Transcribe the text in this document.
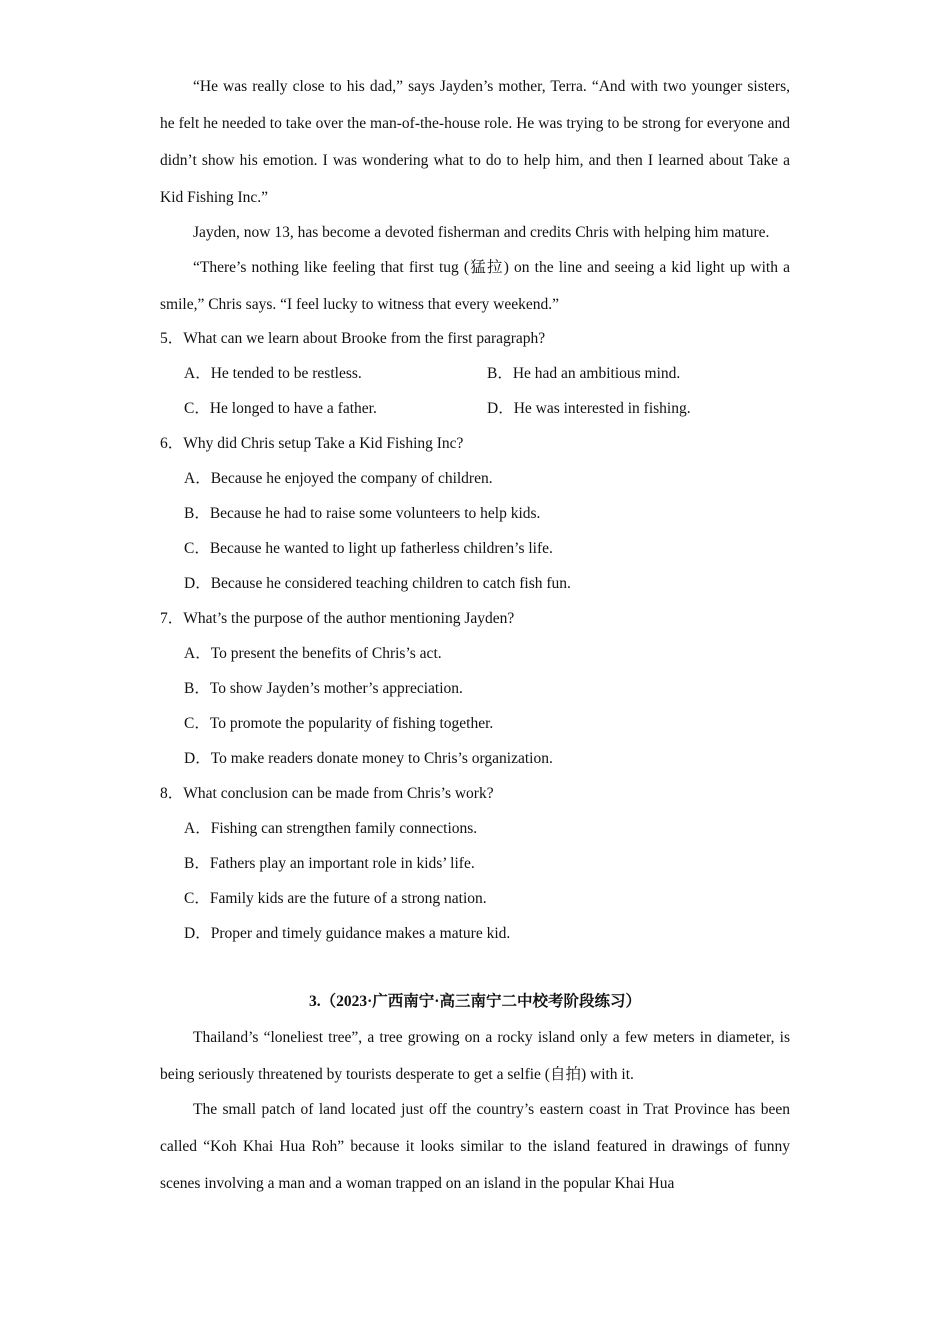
“He was really close to his dad,” says Jayden’s mother, Terra. “And with two younger sisters, he felt he needed to take over the man-of-the-house role. He was trying to be strong for everyone and didn’t show his emotion. I was wondering what to do to help him, and then I learned about Take a Kid Fishing Inc.”

Jayden, now 13, has become a devoted fisherman and credits Chris with helping him mature.

“There’s nothing like feeling that first tug (猛拉) on the line and seeing a kid light up with a smile,” Chris says. “I feel lucky to witness that every weekend.”

5．What can we learn about Brooke from the first paragraph?

A．He tended to be restless.	B．He had an ambitious mind.
C．He longed to have a father.	D．He was interested in fishing.

6．Why did Chris setup Take a Kid Fishing Inc?

A．Because he enjoyed the company of children.

B．Because he had to raise some volunteers to help kids.

C．Because he wanted to light up fatherless children’s life.

D．Because he considered teaching children to catch fish fun.

7．What’s the purpose of the author mentioning Jayden?

A．To present the benefits of Chris’s act.

B．To show Jayden’s mother’s appreciation.

C．To promote the popularity of fishing together.

D．To make readers donate money to Chris’s organization.

8．What conclusion can be made from Chris’s work?

A．Fishing can strengthen family connections.

B．Fathers play an important role in kids’ life.

C．Family kids are the future of a strong nation.

D．Proper and timely guidance makes a mature kid.

3.（2023·广西南宁·高三南宁二中校考阶段练习）

Thailand’s “loneliest tree”, a tree growing on a rocky island only a few meters in diameter, is being seriously threatened by tourists desperate to get a selfie (自拍) with it.

The small patch of land located just off the country’s eastern coast in Trat Province has been called “Koh Khai Hua Roh” because it looks similar to the island featured in drawings of funny scenes involving a man and a woman trapped on an island in the popular Khai Hua
